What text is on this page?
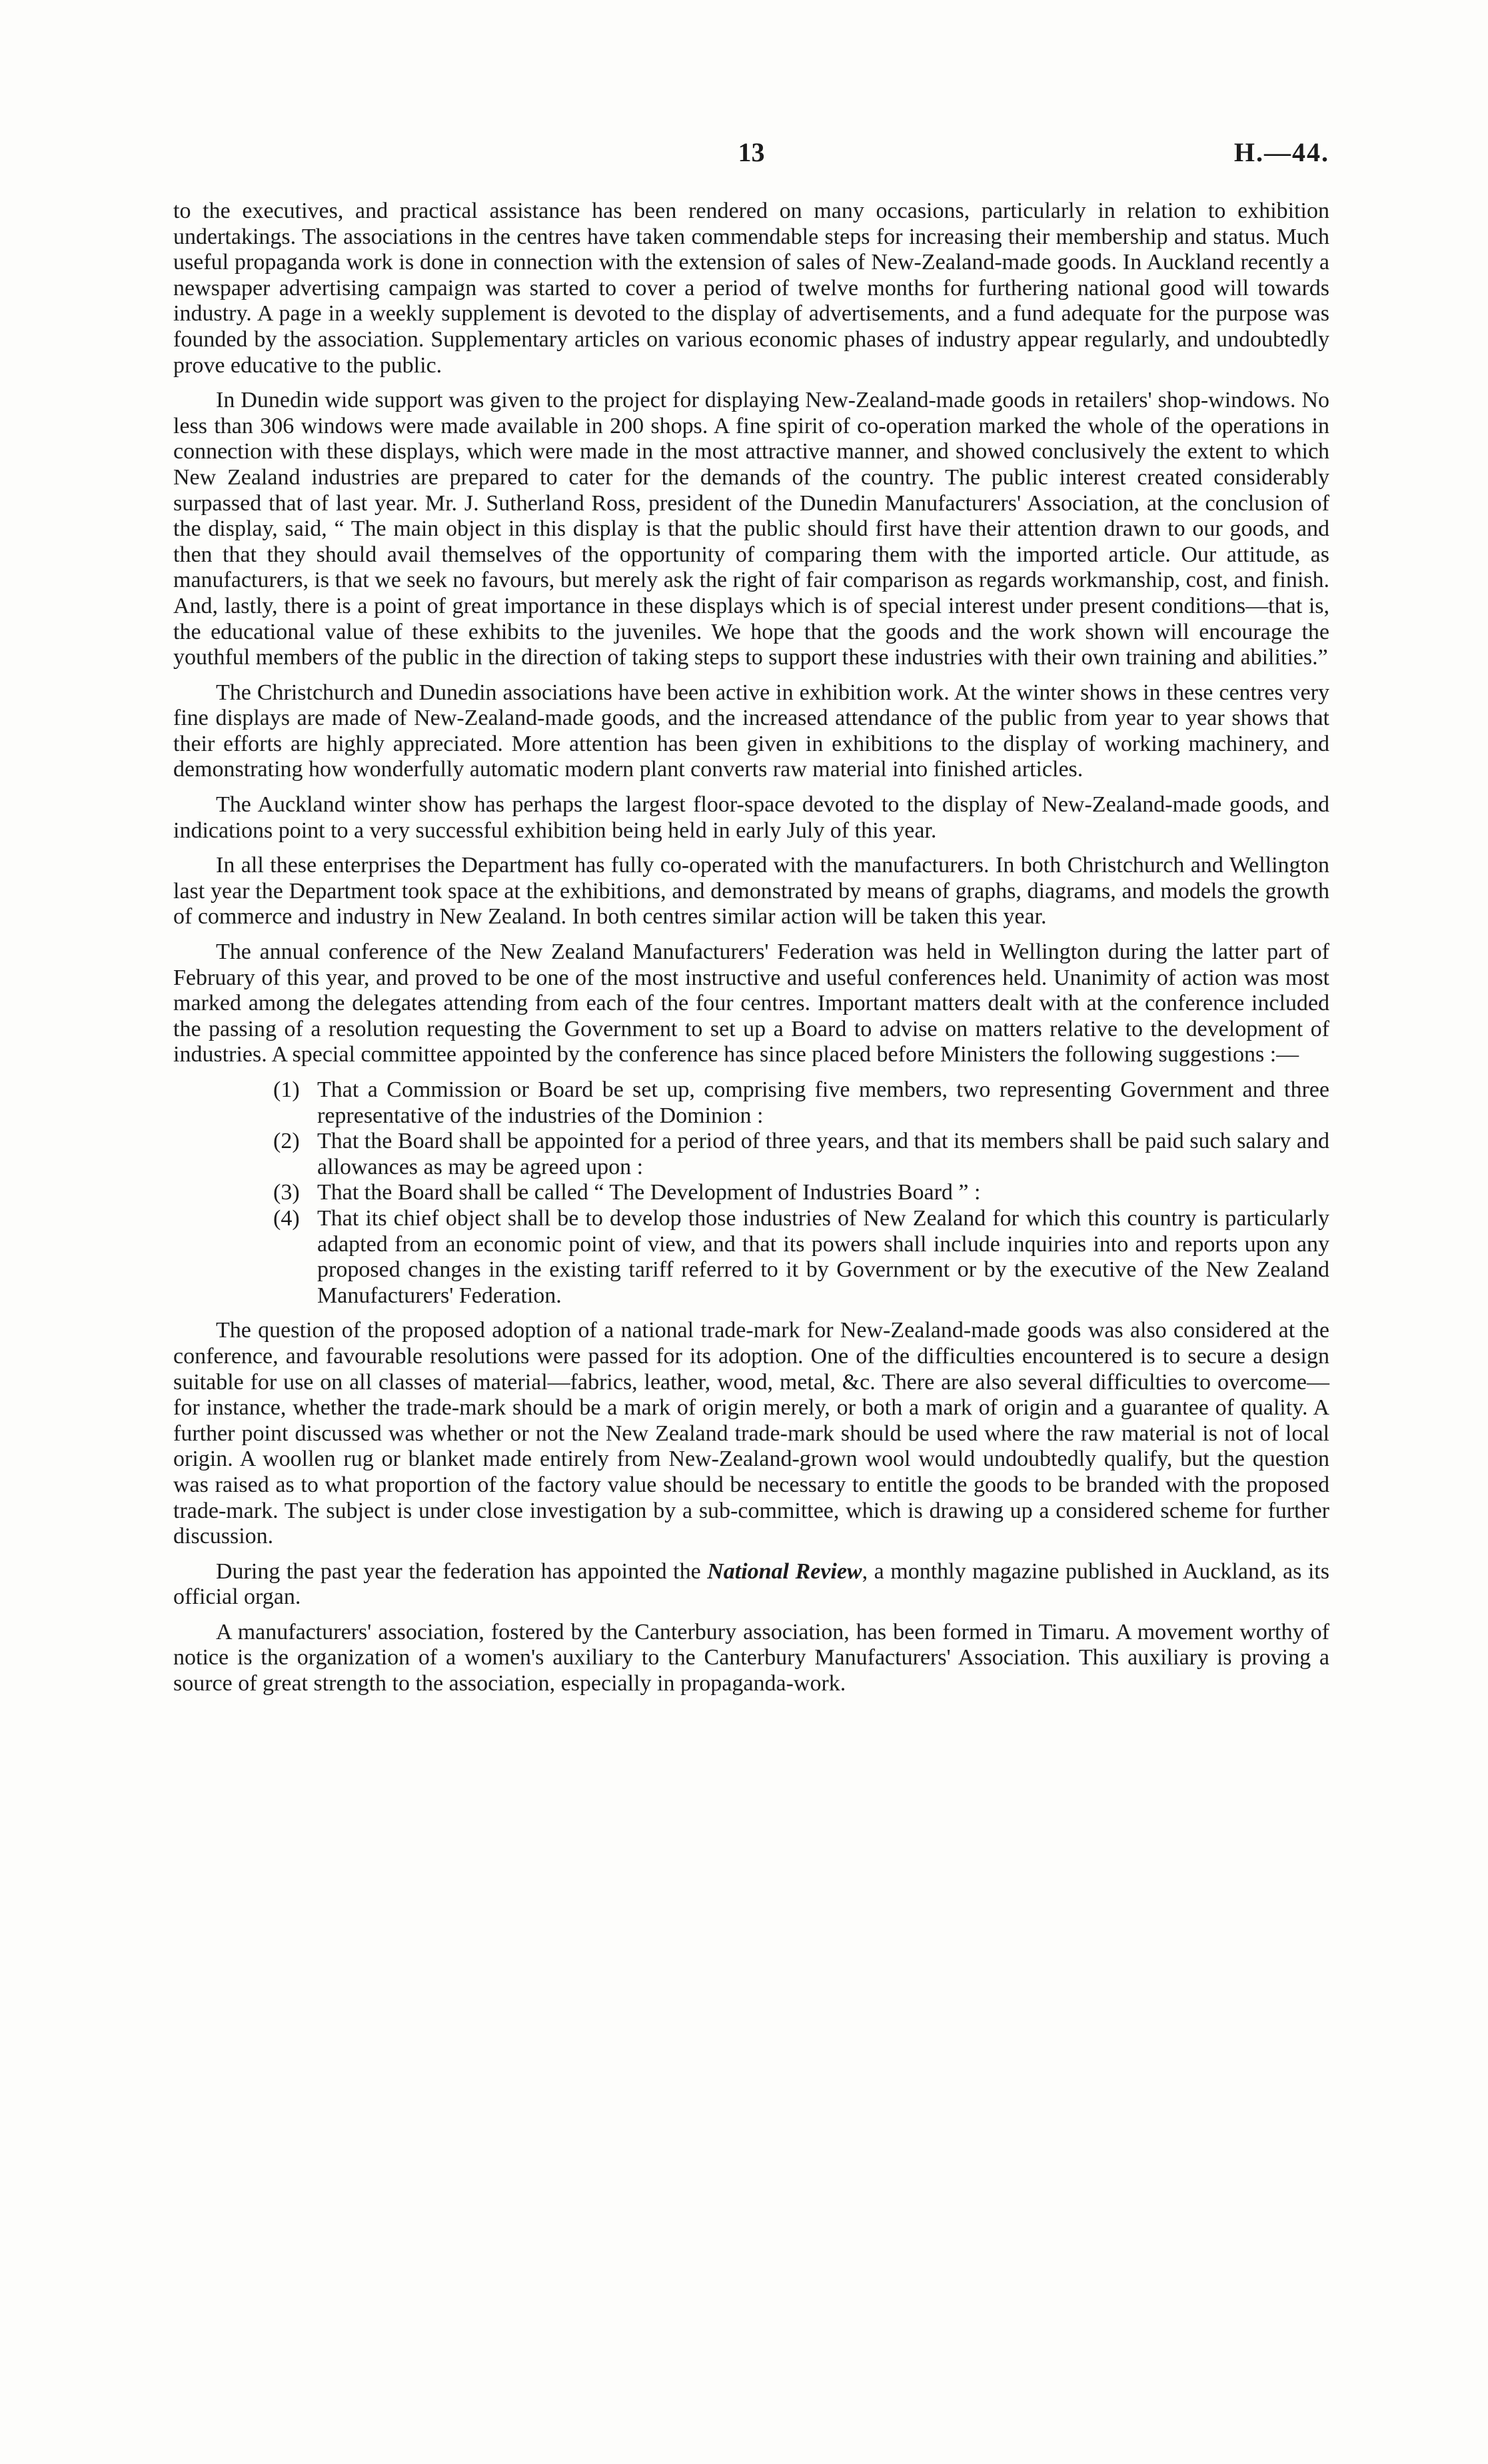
13	H.—44.

to the executives, and practical assistance has been rendered on many occasions, particularly in relation to exhibition undertakings. The associations in the centres have taken commendable steps for increasing their membership and status. Much useful propaganda work is done in connection with the extension of sales of New-Zealand-made goods. In Auckland recently a newspaper advertising campaign was started to cover a period of twelve months for furthering national good will towards industry. A page in a weekly supplement is devoted to the display of advertisements, and a fund adequate for the purpose was founded by the association. Supplementary articles on various economic phases of industry appear regularly, and undoubtedly prove educative to the public.

In Dunedin wide support was given to the project for displaying New-Zealand-made goods in retailers' shop-windows. No less than 306 windows were made available in 200 shops. A fine spirit of co-operation marked the whole of the operations in connection with these displays, which were made in the most attractive manner, and showed conclusively the extent to which New Zealand industries are prepared to cater for the demands of the country. The public interest created considerably surpassed that of last year. Mr. J. Sutherland Ross, president of the Dunedin Manufacturers' Association, at the conclusion of the display, said, “ The main object in this display is that the public should first have their attention drawn to our goods, and then that they should avail themselves of the opportunity of comparing them with the imported article. Our attitude, as manufacturers, is that we seek no favours, but merely ask the right of fair comparison as regards workmanship, cost, and finish. And, lastly, there is a point of great importance in these displays which is of special interest under present conditions—that is, the educational value of these exhibits to the juveniles. We hope that the goods and the work shown will encourage the youthful members of the public in the direction of taking steps to support these industries with their own training and abilities.”

The Christchurch and Dunedin associations have been active in exhibition work. At the winter shows in these centres very fine displays are made of New-Zealand-made goods, and the increased attendance of the public from year to year shows that their efforts are highly appreciated. More attention has been given in exhibitions to the display of working machinery, and demonstrating how wonderfully automatic modern plant converts raw material into finished articles.

The Auckland winter show has perhaps the largest floor-space devoted to the display of New-Zealand-made goods, and indications point to a very successful exhibition being held in early July of this year.

In all these enterprises the Department has fully co-operated with the manufacturers. In both Christchurch and Wellington last year the Department took space at the exhibitions, and demonstrated by means of graphs, diagrams, and models the growth of commerce and industry in New Zealand. In both centres similar action will be taken this year.

The annual conference of the New Zealand Manufacturers' Federation was held in Wellington during the latter part of February of this year, and proved to be one of the most instructive and useful conferences held. Unanimity of action was most marked among the delegates attending from each of the four centres. Important matters dealt with at the conference included the passing of a resolution requesting the Government to set up a Board to advise on matters relative to the development of industries. A special committee appointed by the conference has since placed before Ministers the following suggestions :—

(1) That a Commission or Board be set up, comprising five members, two representing Government and three representative of the industries of the Dominion :
(2) That the Board shall be appointed for a period of three years, and that its members shall be paid such salary and allowances as may be agreed upon :
(3) That the Board shall be called “ The Development of Industries Board ” :
(4) That its chief object shall be to develop those industries of New Zealand for which this country is particularly adapted from an economic point of view, and that its powers shall include inquiries into and reports upon any proposed changes in the existing tariff referred to it by Government or by the executive of the New Zealand Manufacturers' Federation.

The question of the proposed adoption of a national trade-mark for New-Zealand-made goods was also considered at the conference, and favourable resolutions were passed for its adoption. One of the difficulties encountered is to secure a design suitable for use on all classes of material—fabrics, leather, wood, metal, &c. There are also several difficulties to overcome—for instance, whether the trade-mark should be a mark of origin merely, or both a mark of origin and a guarantee of quality. A further point discussed was whether or not the New Zealand trade-mark should be used where the raw material is not of local origin. A woollen rug or blanket made entirely from New-Zealand-grown wool would undoubtedly qualify, but the question was raised as to what proportion of the factory value should be necessary to entitle the goods to be branded with the proposed trade-mark. The subject is under close investigation by a sub-committee, which is drawing up a considered scheme for further discussion.

During the past year the federation has appointed the National Review, a monthly magazine published in Auckland, as its official organ.

A manufacturers' association, fostered by the Canterbury association, has been formed in Timaru. A movement worthy of notice is the organization of a women's auxiliary to the Canterbury Manufacturers' Association. This auxiliary is proving a source of great strength to the association, especially in propaganda-work.
